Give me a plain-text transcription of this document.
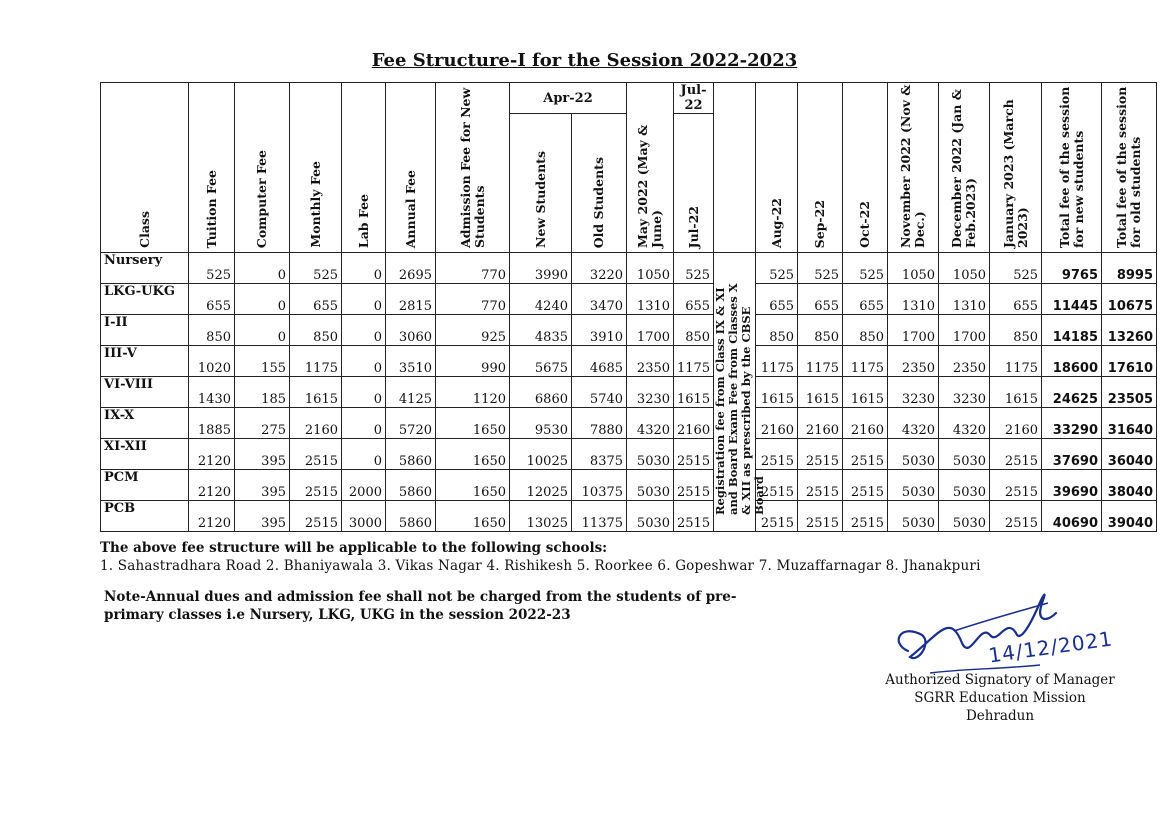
Fee Structure-I for the Session 2022-2023
Class	Tuition Fee	Computer Fee	Monthly Fee	Lab Fee	Annual Fee	Admission Fee for New Students	Apr-22		May 2022 (May & June)	Jul-22		Aug-22	Sep-22	Oct-22	November 2022 (Nov & Dec.)	December 2022 (Jan & Feb.2023)	January 2023 (March 2023)	Total fee of the session for new students	Total fee of the session for old students

							New Students	Old Students		Jul-22									

Nursery	525	0	525	0	2695	770	3990	3220	1050	525	Registration fee from Class IX & XI and Board Exam Fee from Classes X & XII as prescribed by the CBSE Board	525	525	525	1050	1050	525	9765	8995
LKG-UKG	655	0	655	0	2815	770	4240	3470	1310	655		655	655	655	1310	1310	655	11445	10675
I-II	850	0	850	0	3060	925	4835	3910	1700	850		850	850	850	1700	1700	850	14185	13260
III-V	1020	155	1175	0	3510	990	5675	4685	2350	1175		1175	1175	1175	2350	2350	1175	18600	17610
VI-VIII	1430	185	1615	0	4125	1120	6860	5740	3230	1615		1615	1615	1615	3230	3230	1615	24625	23505
IX-X	1885	275	2160	0	5720	1650	9530	7880	4320	2160		2160	2160	2160	4320	4320	2160	33290	31640
XI-XII	2120	395	2515	0	5860	1650	10025	8375	5030	2515		2515	2515	2515	5030	5030	2515	37690	36040
PCM	2120	395	2515	2000	5860	1650	12025	10375	5030	2515		2515	2515	2515	5030	5030	2515	39690	38040
PCB	2120	395	2515	3000	5860	1650	13025	11375	5030	2515		2515	2515	2515	5030	5030	2515	40690	39040
The above fee structure will be applicable to the following schools:
1. Sahastradhara Road 2. Bhaniyawala 3. Vikas Nagar 4. Rishikesh 5. Roorkee 6. Gopeshwar 7. Muzaffarnagar 8. Jhanakpuri
Note-Annual dues and admission fee shall not be charged from the students of pre-primary classes i.e Nursery, LKG, UKG in the session 2022-23
14/12/2021
Authorized Signatory of Manager
SGRR Education Mission
Dehradun
